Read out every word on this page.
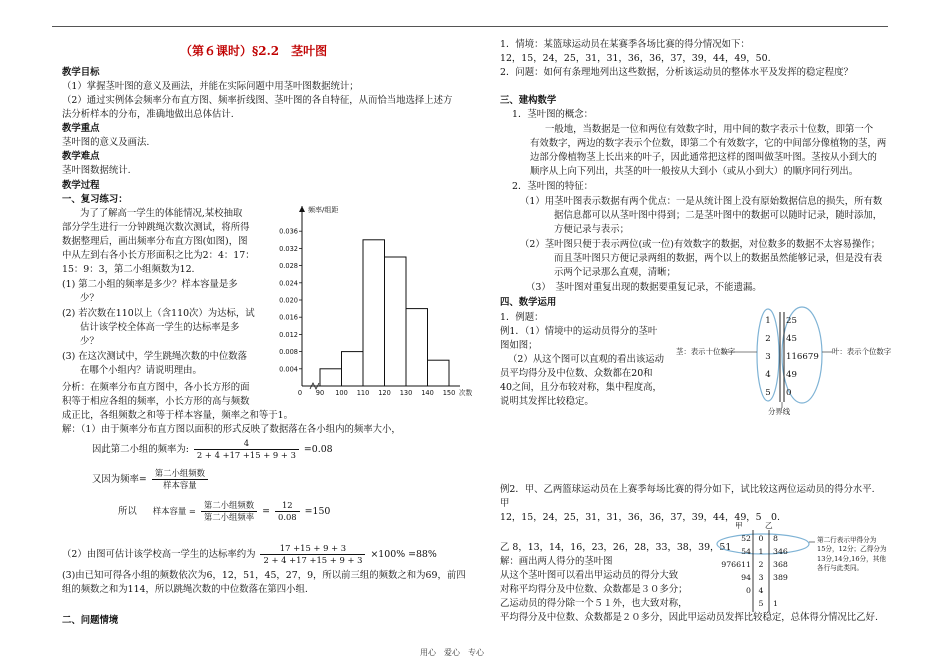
（第６课时）§2.2　茎叶图
教学目标
（1）掌握茎叶图的意义及画法，并能在实际问题中用茎叶图数据统计；
（2）通过实例体会频率分布直方图、频率折线图、茎叶图的各自特征，从而恰当地选择上述方
法分析样本的分布，准确地做出总体估计.
教学重点
茎叶图的意义及画法.
教学难点
茎叶图数据统计.
教学过程
一、复习练习：
为了了解高一学生的体能情况,某校抽取
部分学生进行一分钟跳绳次数次测试，将所得
数据整理后，画出频率分布直方图(如图)，图
中从左到右各小长方形面积之比为2：4：17：
15：9：3，第二小组频数为12.
(1) 第二小组的频率是多少？样本容量是多
少？
(2) 若次数在110以上（含110次）为达标，试
估计该学校全体高一学生的达标率是多
少？
(3) 在这次测试中，学生跳绳次数的中位数落
在哪个小组内？请说明理由。
分析：在频率分布直方图中，各小长方形的面
积等于相应各组的频率，小长方形的高与频数
成正比，各组频数之和等于样本容量，频率之和等于1。
解：（1）由于频率分布直方图以面积的形式反映了数据落在各小组内的频率大小，
因此第二小组的频率为: $\frac{4}{2 + 4 +17 +15 + 9 + 3} =0.08$
又因为频率= $\frac{\text{第二小组频数}}{\text{样本容量}}$
所以 样本容量 = $\frac{\text{第二小组频数}}{\text{第二小组频率}} = \frac{12}{0.08} =150$
（2）由图可估计该学校高一学生的达标率约为 $\frac{17 +15 + 9 + 3}{2 + 4 +17 +15 + 9 + 3} \times 100\% =88\%$
(3)由已知可得各小组的频数依次为6，12，51，45，27，9，所以前三组的频数之和为69，前四
组的频数之和为114，所以跳绳次数的中位数落在第四小组.
二、问题情境
0.004
0.008
0.012
0.016
0.020
0.024
0.028
0.032
0.036
0 90 100 110 120 130 140 150
频率/组距
次数
1．情境：某篮球运动员在某赛季各场比赛的得分情况如下：
12，15，24，25，31，31，36，36，37，39，44，49，50.
2．问题：如何有条理地列出这些数据，分析该运动员的整体水平及发挥的稳定程度？
三、建构数学
1．茎叶图的概念：
一般地，当数据是一位和两位有效数字时，用中间的数字表示十位数，即第一个
有效数字，两边的数字表示个位数，即第二个有效数字，它的中间部分像植物的茎，两
边部分像植物茎上长出来的叶子，因此通常把这样的图叫做茎叶图。茎按从小到大的
顺序从上向下列出，共茎的叶一般按从大到小（或从小到大）的顺序同行列出。
2．茎叶图的特征：
（1）用茎叶图表示数据有两个优点：一是从统计图上没有原始数据信息的损失，所有数
据信息都可以从茎叶图中得到；二是茎叶图中的数据可以随时记录，随时添加，
方便记录与表示；
（2）茎叶图只便于表示两位(或一位)有效数字的数据，对位数多的数据不太容易操作；
而且茎叶图只方便记录两组的数据，两个以上的数据虽然能够记录，但是没有表
示两个记录那么直观，清晰；
（3）　茎叶图对重复出现的数据要重复记录，不能遗漏。
四、数学运用
1．例题：
例1．（1）情境中的运动员得分的茎叶
图如图；
（2）从这个图可以直观的看出该运动
员平均得分及中位数、众数都在20和
40之间，且分布较对称，集中程度高，
说明其发挥比较稳定。
1
2
3
4
5
25
45
116679
49
0
茎：表示十位数字	叶：表示个位数字
分界线
例2．甲、乙两篮球运动员在上赛季每场比赛的得分如下，试比较这两位运动员的得分水平.
甲
12，15，24，25，31，31，36，36，37，39，44，49，5　0.
乙 8，13，14，16，23，26，28，33，38，39，51
解：画出两人得分的茎叶图
从这个茎叶图可以看出甲运动员的得分大致
对称平均得分及中位数、众数都是３０多分；
乙运动员的得分除一个５１外，也大致对称，
平均得分及中位数、众数都是２０多分，因此甲运动员发挥比较稳定，总体得分情况比乙好.
甲	乙
52
54
976611
94
0
0
1
2
3
4
5
8
346
368
389

1
第二行表示甲得分为
15分，12分；乙得分为
13分,14分,16分，其他
各行与此类同。
用心　爱心　专心
